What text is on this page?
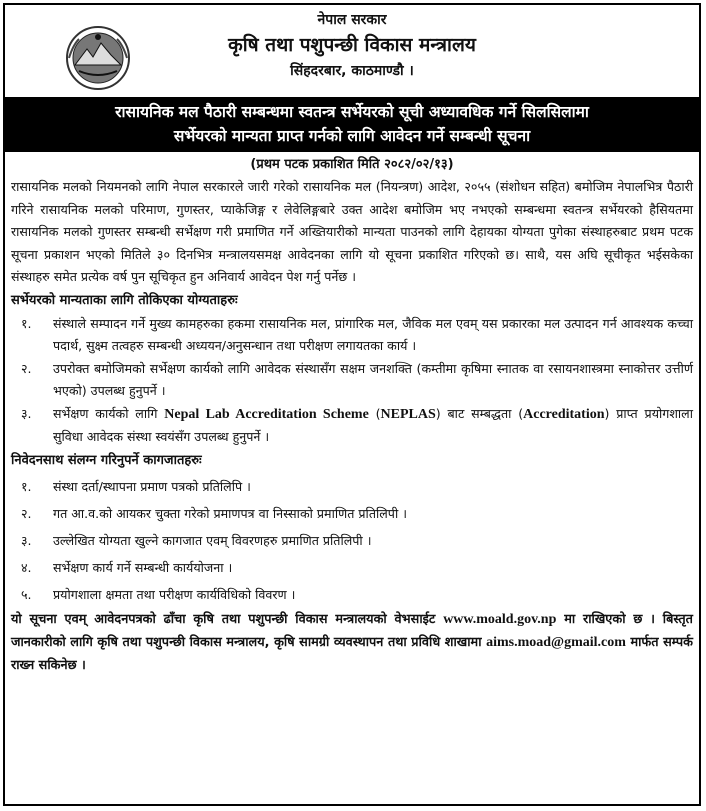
नेपाल सरकार
कृषि तथा पशुपन्छी विकास मन्त्रालय
सिंहदरबार, काठमाण्डौ ।
रासायनिक मल पैठारी सम्बन्धमा स्वतन्त्र सर्भेयरको सूची अध्यावधिक गर्ने सिलसिलामा
सर्भेयरको मान्यता प्राप्त गर्नको लागि आवेदन गर्ने सम्बन्धी सूचना
(प्रथम पटक प्रकाशित मिति २०८२/०२/१३)
रासायनिक मलको नियमनको लागि नेपाल सरकारले जारी गरेको रासायनिक मल (नियन्त्रण) आदेश, २०५५ (संशोधन सहित) बमोजिम नेपालभित्र पैठारी गरिने रासायनिक मलको परिमाण, गुणस्तर, प्याकेजिङ्ग र लेवेलिङ्गबारे उक्त आदेश बमोजिम भए नभएको सम्बन्धमा स्वतन्त्र सर्भेयरको हैसियतमा रासायनिक मलको गुणस्तर सम्बन्धी सर्भेक्षण गरी प्रमाणित गर्ने अख्तियारीको मान्यता पाउनको लागि देहायका योग्यता पुगेका संस्थाहरुबाट प्रथम पटक सूचना प्रकाशन भएको मितिले ३० दिनभित्र मन्त्रालयसमक्ष आवेदनका लागि यो सूचना प्रकाशित गरिएको छ। साथै, यस अघि सूचीकृत भईसकेका संस्थाहरु समेत प्रत्येक वर्ष पुन सूचिकृत हुन अनिवार्य आवेदन पेश गर्नु पर्नेछ ।
सर्भेयरको मान्यताका लागि तोकिएका योग्यताहरुः
१. संस्थाले सम्पादन गर्ने मुख्य कामहरुका हकमा रासायनिक मल, प्रांगारिक मल, जैविक मल एवम् यस प्रकारका मल उत्पादन गर्न आवश्यक कच्चा पदार्थ, सुक्ष्म तत्वहरु सम्बन्धी अध्ययन/अनुसन्धान तथा परीक्षण लगायतका कार्य ।
२. उपरोक्त बमोजिमको सर्भेक्षण कार्यको लागि आवेदक संस्थासँग सक्षम जनशक्ति (कम्तीमा कृषिमा स्नातक वा रसायनशास्त्रमा स्नाकोत्तर उत्तीर्ण भएको) उपलब्ध हुनुपर्ने ।
३. सर्भेक्षण कार्यको लागि Nepal Lab Accreditation Scheme (NEPLAS) बाट सम्बद्धता (Accreditation) प्राप्त प्रयोगशाला सुविधा आवेदक संस्था स्वयंसँग उपलब्ध हुनुपर्ने ।
निवेदनसाथ संलग्न गरिनुपर्ने कागजातहरुः
१. संस्था दर्ता/स्थापना प्रमाण पत्रको प्रतिलिपि ।
२. गत आ.व.को आयकर चुक्ता गरेको प्रमाणपत्र वा निस्साको प्रमाणित प्रतिलिपी ।
३. उल्लेखित योग्यता खुल्ने कागजात एवम् विवरणहरु प्रमाणित प्रतिलिपी ।
४. सर्भेक्षण कार्य गर्ने सम्बन्धी कार्ययोजना ।
५. प्रयोगशाला क्षमता तथा परीक्षण कार्यविधिको विवरण ।
यो सूचना एवम् आवेदनपत्रको ढाँचा कृषि तथा पशुपन्छी विकास मन्त्रालयको वेभसाईट www.moald.gov.np मा राखिएको छ । बिस्तृत जानकारीको लागि कृषि तथा पशुपन्छी विकास मन्त्रालय, कृषि सामग्री व्यवस्थापन तथा प्रविधि शाखामा aims.moad@gmail.com मार्फत सम्पर्क राख्न सकिनेछ ।
